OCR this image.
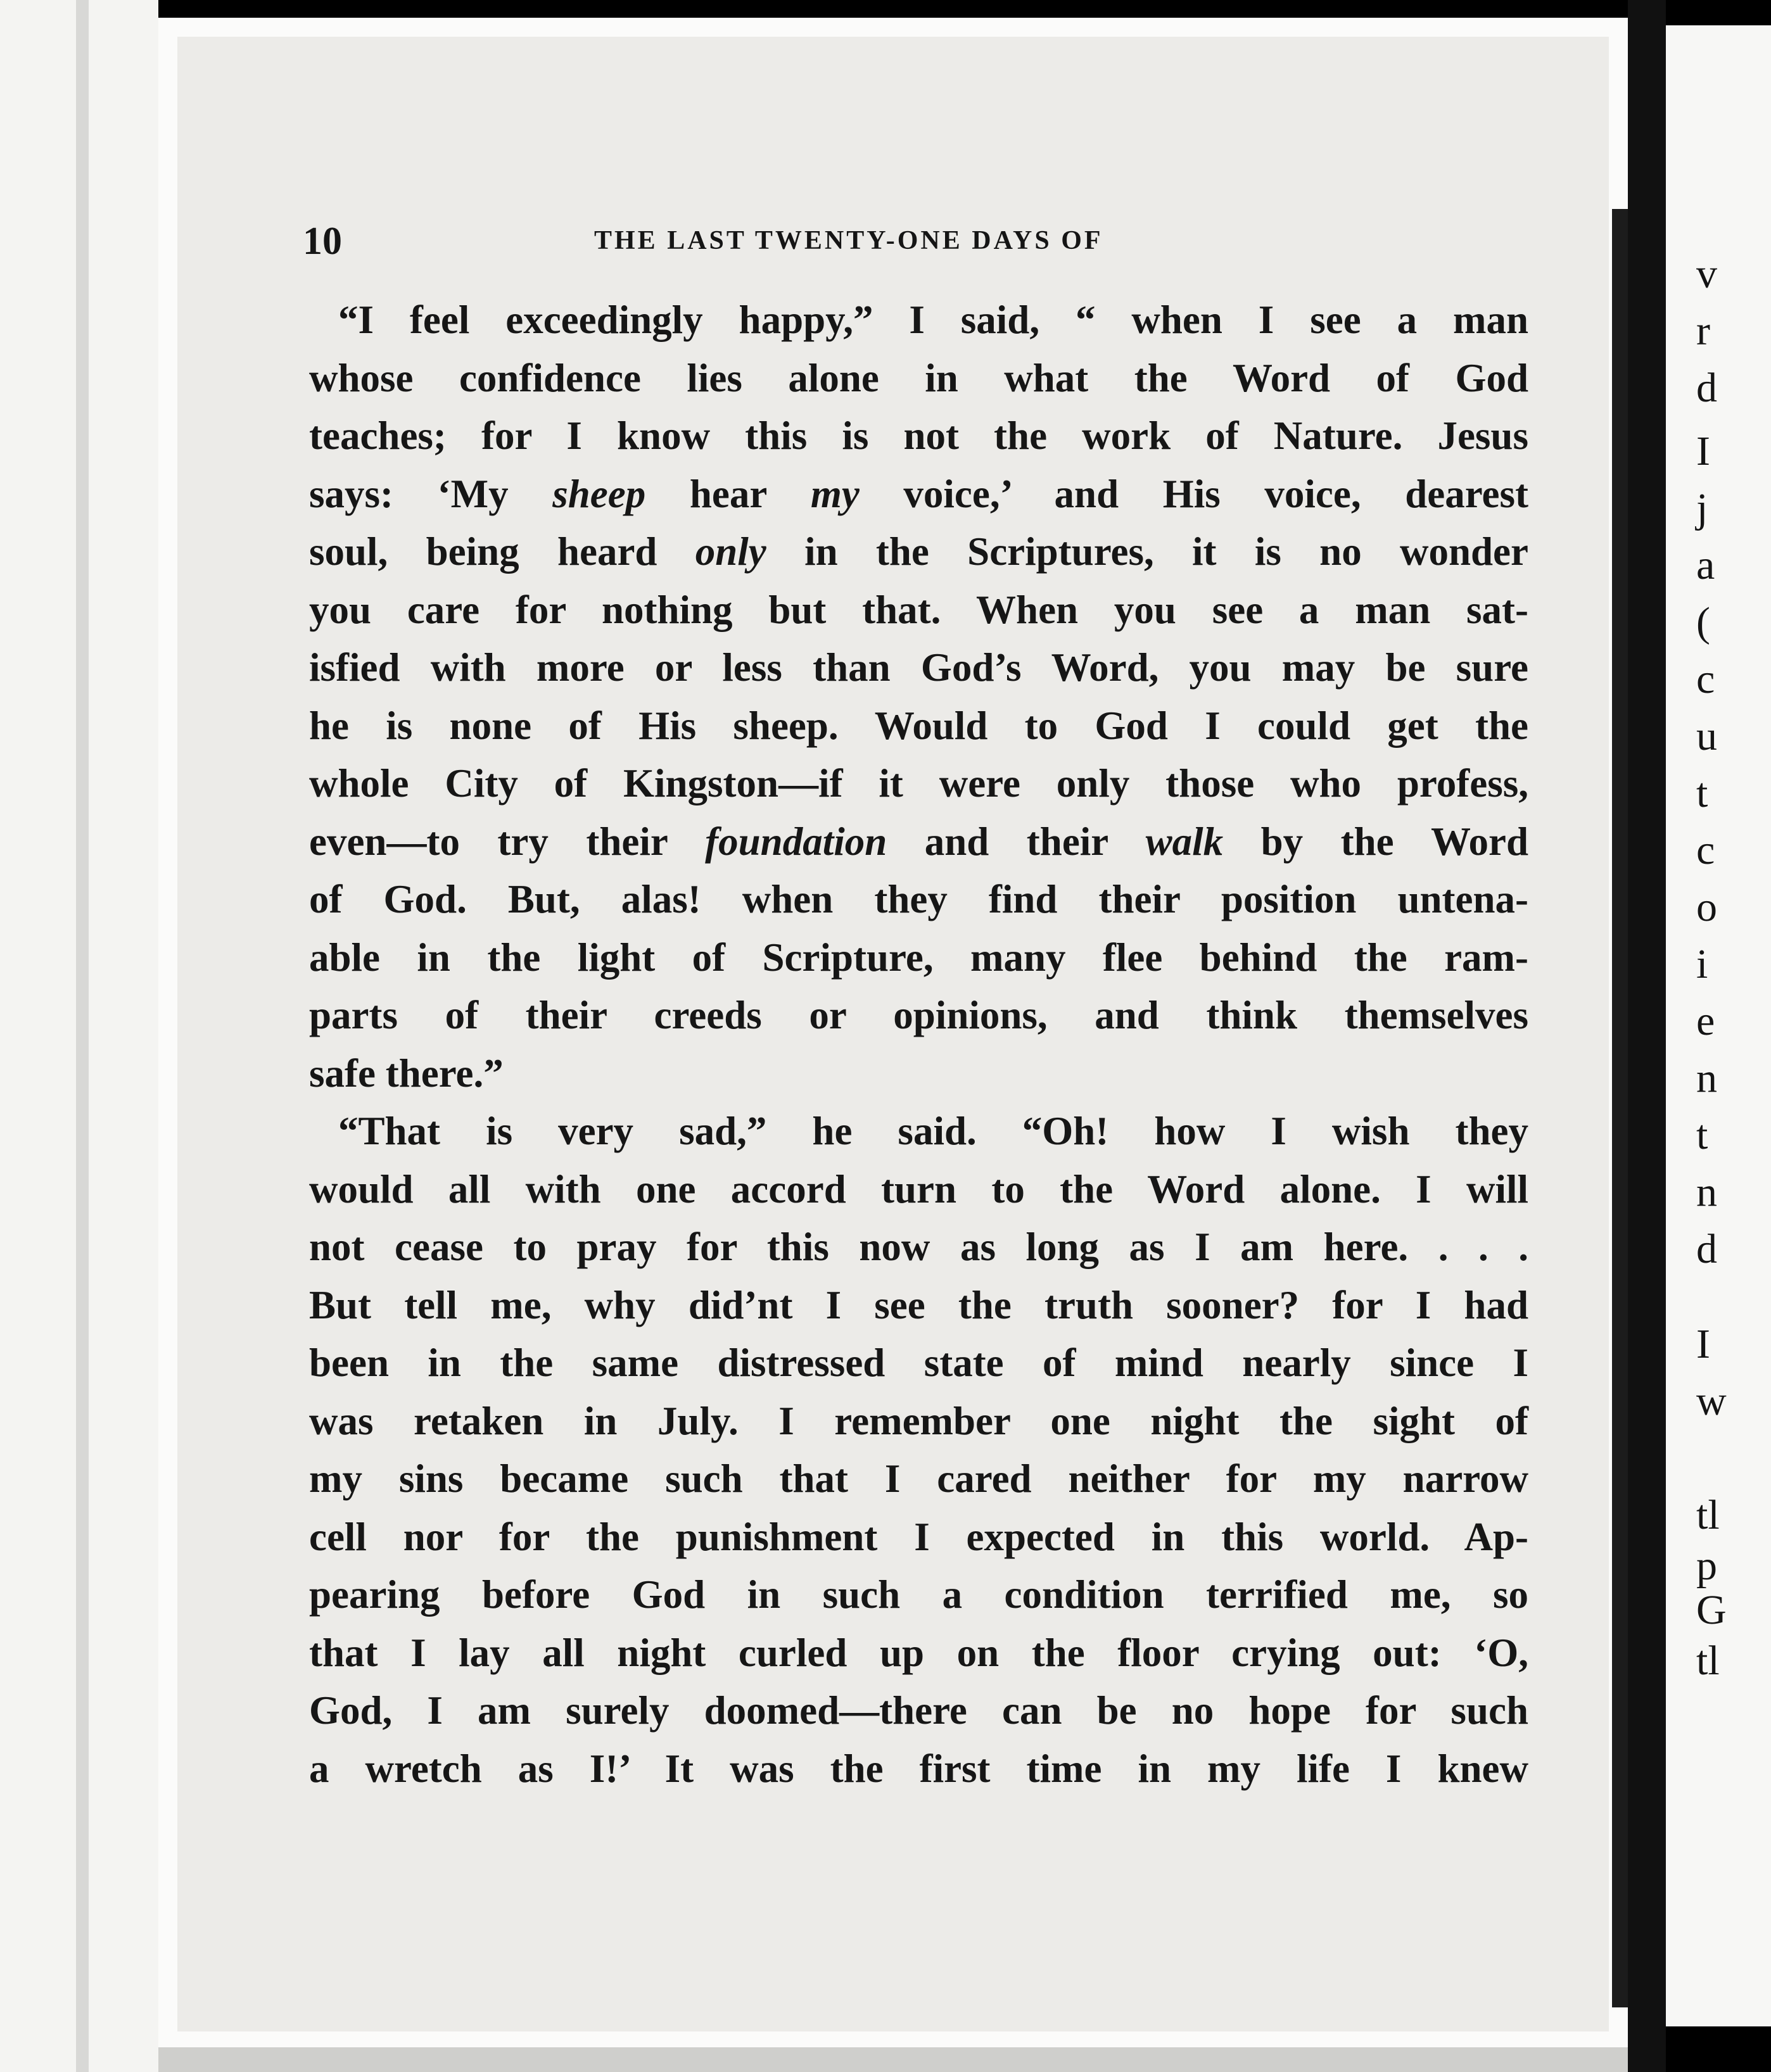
v
r
d
I
j
a
(
c
u
t
c
o
i
e
n
t
n
d
I
w
tl
p
G
tl
10	THE LAST TWENTY-ONE DAYS OF
“I feel exceedingly happy,” I said, “ when I see a man
whose confidence lies alone in what the Word of God
teaches; for I know this is not the work of Nature. Jesus
says: ‘My sheep hear my voice,’ and His voice, dearest
soul, being heard only in the Scriptures, it is no wonder
you care for nothing but that. When you see a man sat-
isfied with more or less than God’s Word, you may be sure
he is none of His sheep. Would to God I could get the
whole City of Kingston—if it were only those who profess,
even—to try their foundation and their walk by the Word
of God. But, alas! when they find their position untena-
able in the light of Scripture, many flee behind the ram-
parts of their creeds or opinions, and think themselves
safe there.”
“That is very sad,” he said. “Oh! how I wish they
would all with one accord turn to the Word alone. I will
not cease to pray for this now as long as I am here. . . .
But tell me, why did’nt I see the truth sooner? for I had
been in the same distressed state of mind nearly since I
was retaken in July. I remember one night the sight of
my sins became such that I cared neither for my narrow
cell nor for the punishment I expected in this world. Ap-
pearing before God in such a condition terrified me, so
that I lay all night curled up on the floor crying out: ‘O,
God, I am surely doomed—there can be no hope for such
a wretch as I!’ It was the first time in my life I knew
